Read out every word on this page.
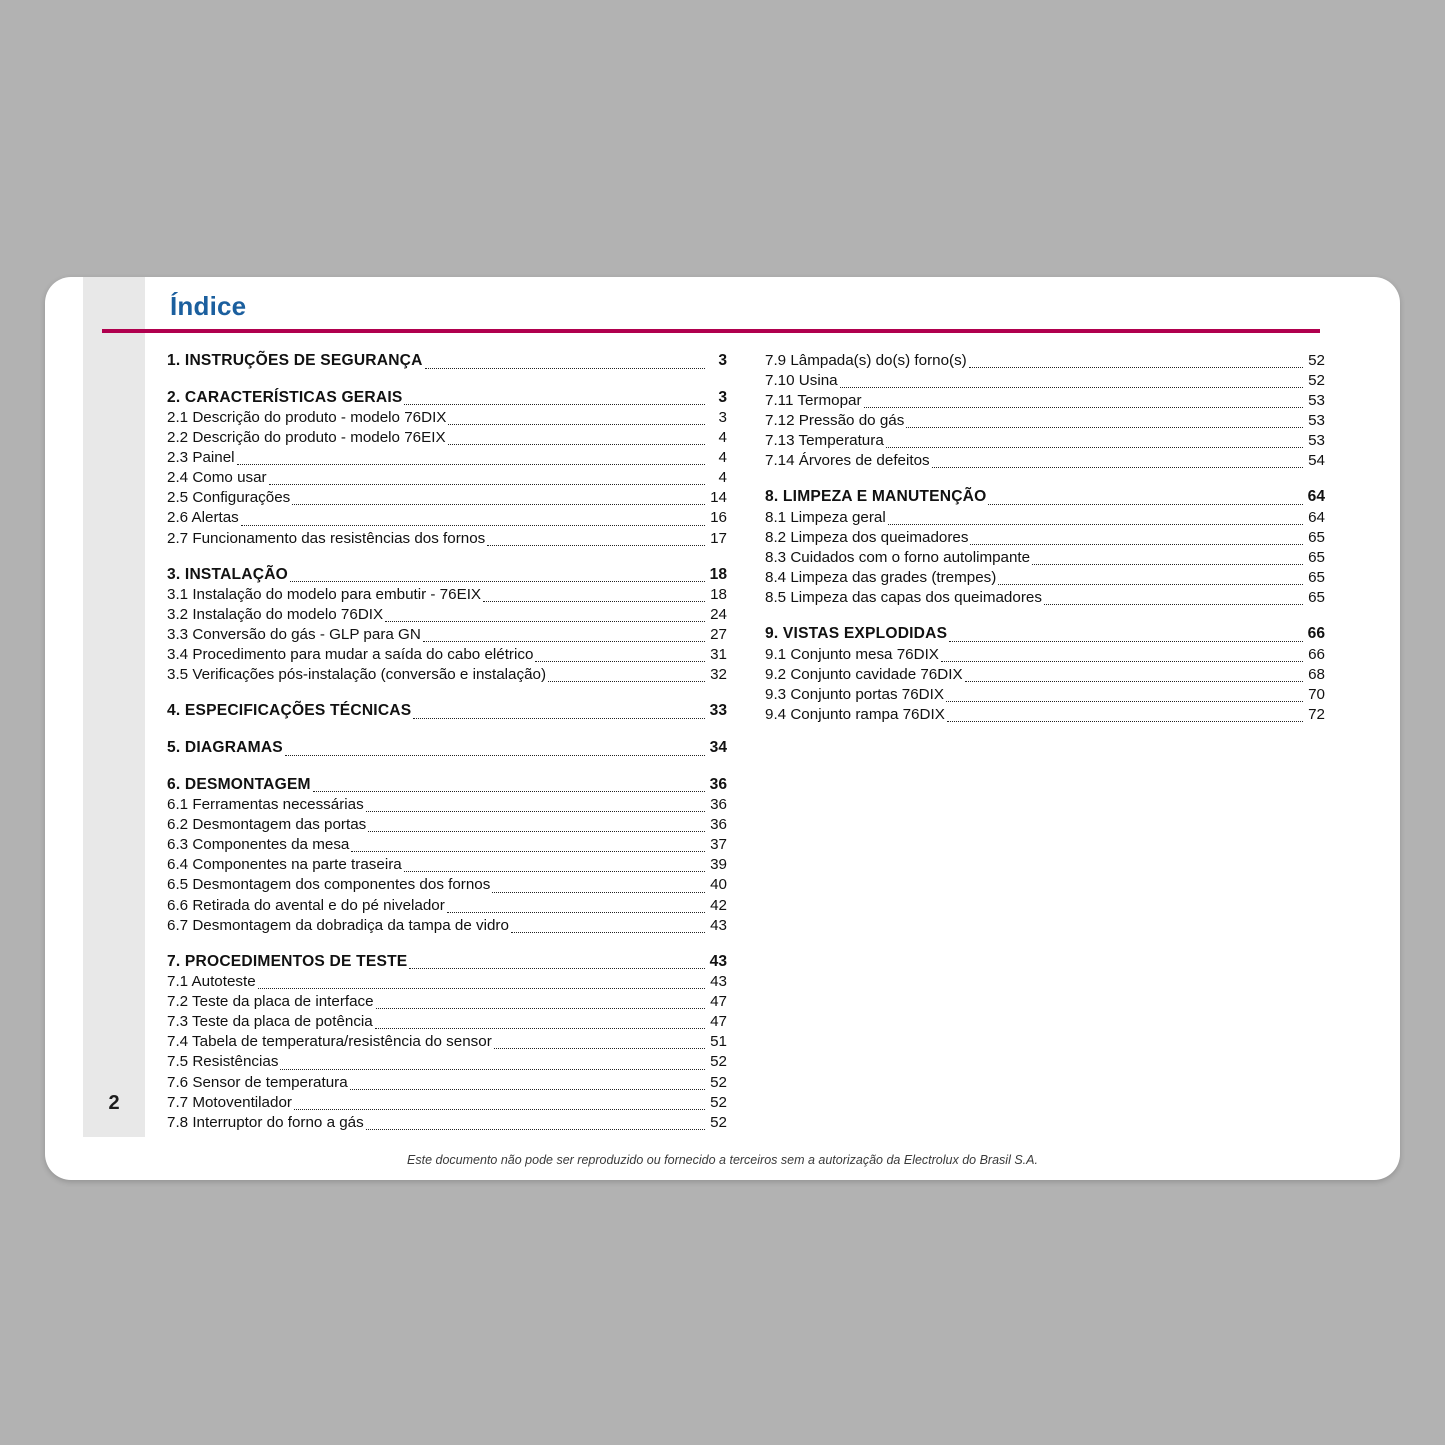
2
Índice
1. INSTRUÇÕES DE SEGURANÇA	3
2. CARACTERÍSTICAS GERAIS	3
2.1 Descrição do produto - modelo 76DIX	3
2.2 Descrição do produto - modelo 76EIX	4
2.3 Painel	4
2.4 Como usar	4
2.5 Configurações	14
2.6 Alertas	16
2.7 Funcionamento das resistências dos fornos	17
3. INSTALAÇÃO	18
3.1 Instalação do modelo para embutir - 76EIX	18
3.2 Instalação do modelo 76DIX	24
3.3 Conversão do gás - GLP para GN	27
3.4 Procedimento para mudar a saída do cabo elétrico	31
3.5 Verificações pós-instalação (conversão e instalação)	32
4. ESPECIFICAÇÕES TÉCNICAS	33
5. DIAGRAMAS	34
6. DESMONTAGEM	36
6.1 Ferramentas necessárias	36
6.2 Desmontagem das portas	36
6.3 Componentes da mesa	37
6.4 Componentes na parte traseira	39
6.5 Desmontagem dos componentes dos fornos	40
6.6 Retirada do avental e do pé nivelador	42
6.7 Desmontagem da dobradiça da tampa de vidro	43
7. PROCEDIMENTOS DE TESTE	43
7.1 Autoteste	43
7.2 Teste da placa de interface	47
7.3 Teste da placa de potência	47
7.4 Tabela de temperatura/resistência do sensor	51
7.5 Resistências	52
7.6 Sensor de temperatura	52
7.7 Motoventilador	52
7.8 Interruptor do forno a gás	52
7.9 Lâmpada(s) do(s) forno(s)	52
7.10 Usina	52
7.11 Termopar	53
7.12 Pressão do gás	53
7.13 Temperatura	53
7.14 Árvores de defeitos	54
8. LIMPEZA E MANUTENÇÃO	64
8.1 Limpeza geral	64
8.2 Limpeza dos queimadores	65
8.3 Cuidados com o forno autolimpante	65
8.4 Limpeza das grades (trempes)	65
8.5 Limpeza das capas dos queimadores	65
9. VISTAS EXPLODIDAS	66
9.1 Conjunto mesa 76DIX	66
9.2 Conjunto cavidade 76DIX	68
9.3 Conjunto portas 76DIX	70
9.4 Conjunto rampa 76DIX	72
Este documento não pode ser reproduzido ou fornecido a terceiros sem a autorização da Electrolux do Brasil S.A.
